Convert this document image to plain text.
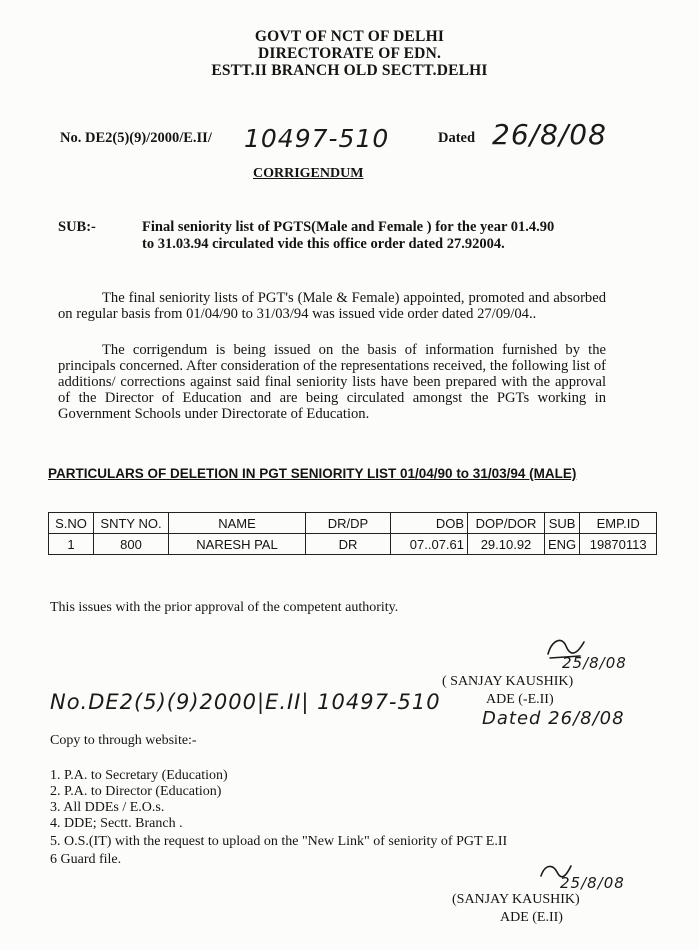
GOVT OF NCT OF DELHI
DIRECTORATE OF EDN.
ESTT.II BRANCH OLD SECTT.DELHI
No. DE2(5)(9)/2000/E.II/ 10497-510	Dated 26/8/08
CORRIGENDUM
SUB:-	Final seniority list of PGTS(Male and Female ) for the year 01.4.90
to 31.03.94 circulated vide this office order dated 27.92004.
The final seniority lists of PGT's (Male & Female) appointed, promoted and absorbed on regular basis from 01/04/90 to 31/03/94 was issued vide order dated 27/09/04..
The corrigendum is being issued on the basis of information furnished by the principals concerned. After consideration of the representations received, the following list of additions/ corrections against said final seniority lists have been prepared with the approval of the Director of Education and are being circulated amongst the PGTs working in Government Schools under Directorate of Education.
PARTICULARS OF DELETION IN PGT SENIORITY LIST 01/04/90 to 31/03/94 (MALE)
S.NO	SNTY NO.	NAME	DR/DP	DOB	DOP/DOR	SUB	EMP.ID
1	800	NARESH PAL	DR	07..07.61	29.10.92	ENG	19870113
This issues with the prior approval of the competent authority.
25/8/08
( SANJAY KAUSHIK)
ADE (-E.II)
No.DE2(5)(9)2000|E.II| 10497-510
Dated 26/8/08
Copy to through website:-
1. P.A. to Secretary (Education)
2. P.A. to Director (Education)
3. All DDEs / E.O.s.
4. DDE; Sectt. Branch .
5. O.S.(IT) with the request to upload on the "New Link" of seniority of PGT E.II
6 Guard file.
25/8/08
(SANJAY KAUSHIK)
ADE (E.II)
